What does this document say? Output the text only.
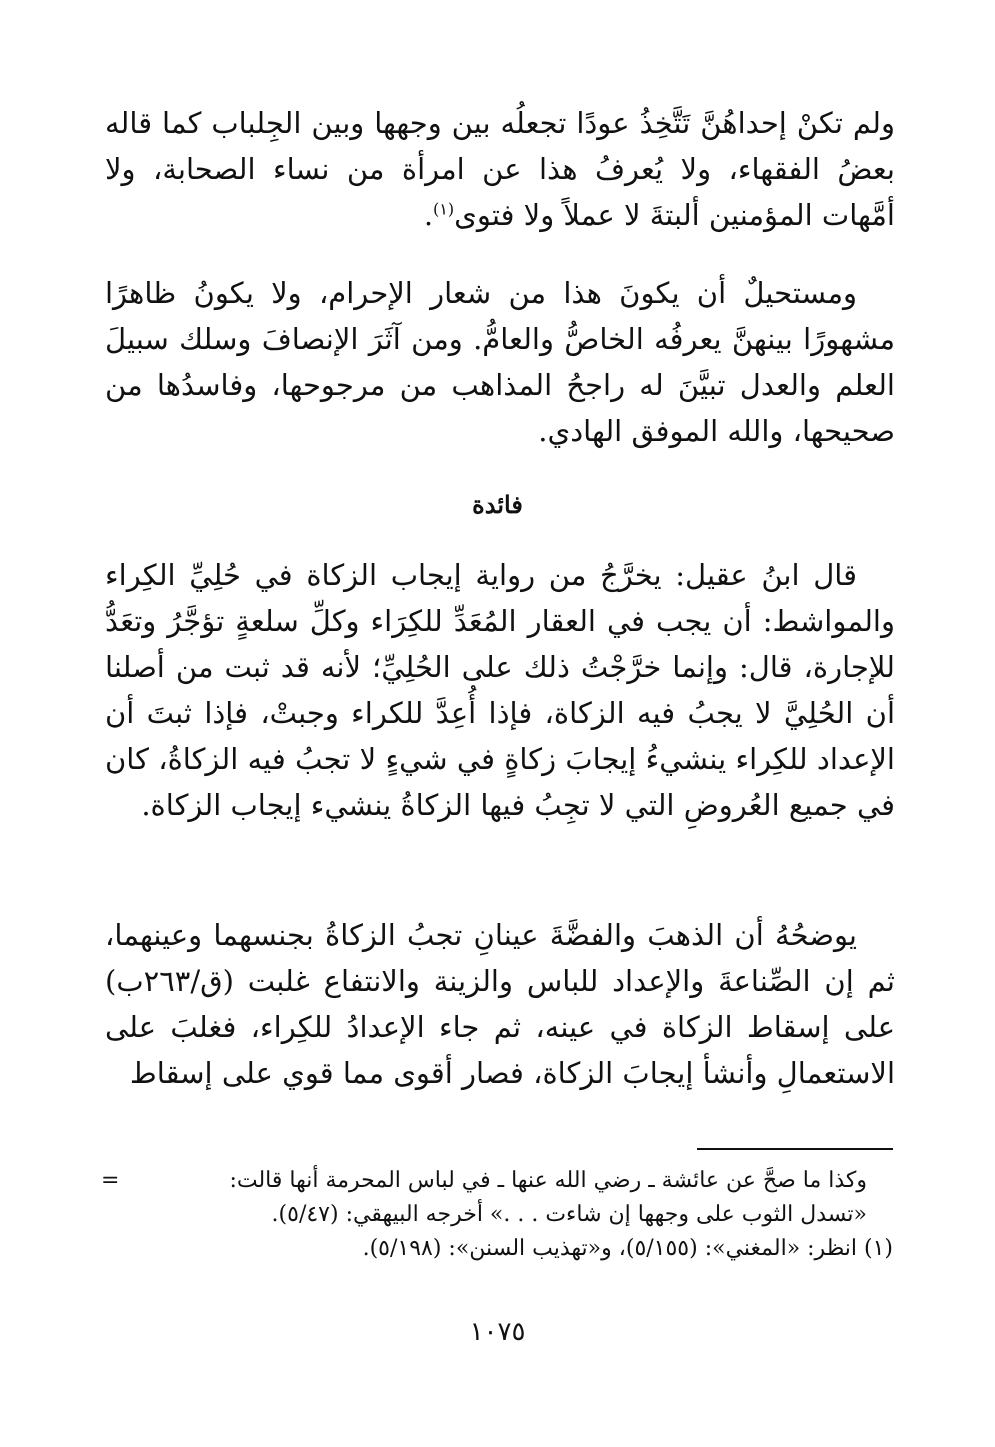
ولم تكنْ إحداهُنَّ تَتَّخِذُ عودًا تجعلُه بين وجهها وبين الجِلباب كما قاله بعضُ الفقهاء، ولا يُعرفُ هذا عن امرأة من نساء الصحابة، ولا أمَّهات المؤمنين ألبتةَ لا عملاً ولا فتوى$^{(١)}$.

ومستحيلٌ أن يكونَ هذا من شعار الإحرام، ولا يكونُ ظاهرًا مشهورًا بينهنَّ يعرفُه الخاصُّ والعامُّ. ومن آثَرَ الإنصافَ وسلك سبيلَ العلم والعدل تبيَّنَ له راجحُ المذاهب من مرجوحها، وفاسدُها من صحيحها، والله الموفق الهادي.

فائدة

قال ابنُ عقيل: يخرَّجُ من رواية إيجاب الزكاة في حُلِيِّ الكِراء والمواشط: أن يجب في العقار المُعَدِّ للكِرَاء وكلِّ سلعةٍ تؤجَّرُ وتعَدُّ للإجارة، قال: وإنما خرَّجْتُ ذلك على الحُلِيِّ؛ لأنه قد ثبت من أصلنا أن الحُلِيَّ لا يجبُ فيه الزكاة، فإذا أُعِدَّ للكراء وجبتْ، فإذا ثبتَ أن الإعداد للكِراء ينشيءُ إيجابَ زكاةٍ في شيءٍ لا تجبُ فيه الزكاةُ، كان في جميع العُروضِ التي لا تجِبُ فيها الزكاةُ ينشيء إيجاب الزكاة.

يوضحُهُ أن الذهبَ والفضَّةَ عينانِ تجبُ الزكاةُ بجنسهما وعينهما، ثم إن الصِّناعةَ والإعداد للباس والزينة والانتفاع غلبت (ق/٢٦٣ب) على إسقاط الزكاة في عينه، ثم جاء الإعدادُ للكِراء، فغلبَ على الاستعمالِ وأنشأ إيجابَ الزكاة، فصار أقوى مما قوي على إسقاط

=	وكذا ما صحَّ عن عائشة ـ رضي الله عنها ـ في لباس المحرمة أنها قالت:
«تسدل الثوب على وجهها إن شاءت . . .» أخرجه البيهقي: (٥/٤٧).
(١) انظر: «المغني»: (٥/١٥٥)، و«تهذيب السنن»: (٥/١٩٨).

١٠٧٥
